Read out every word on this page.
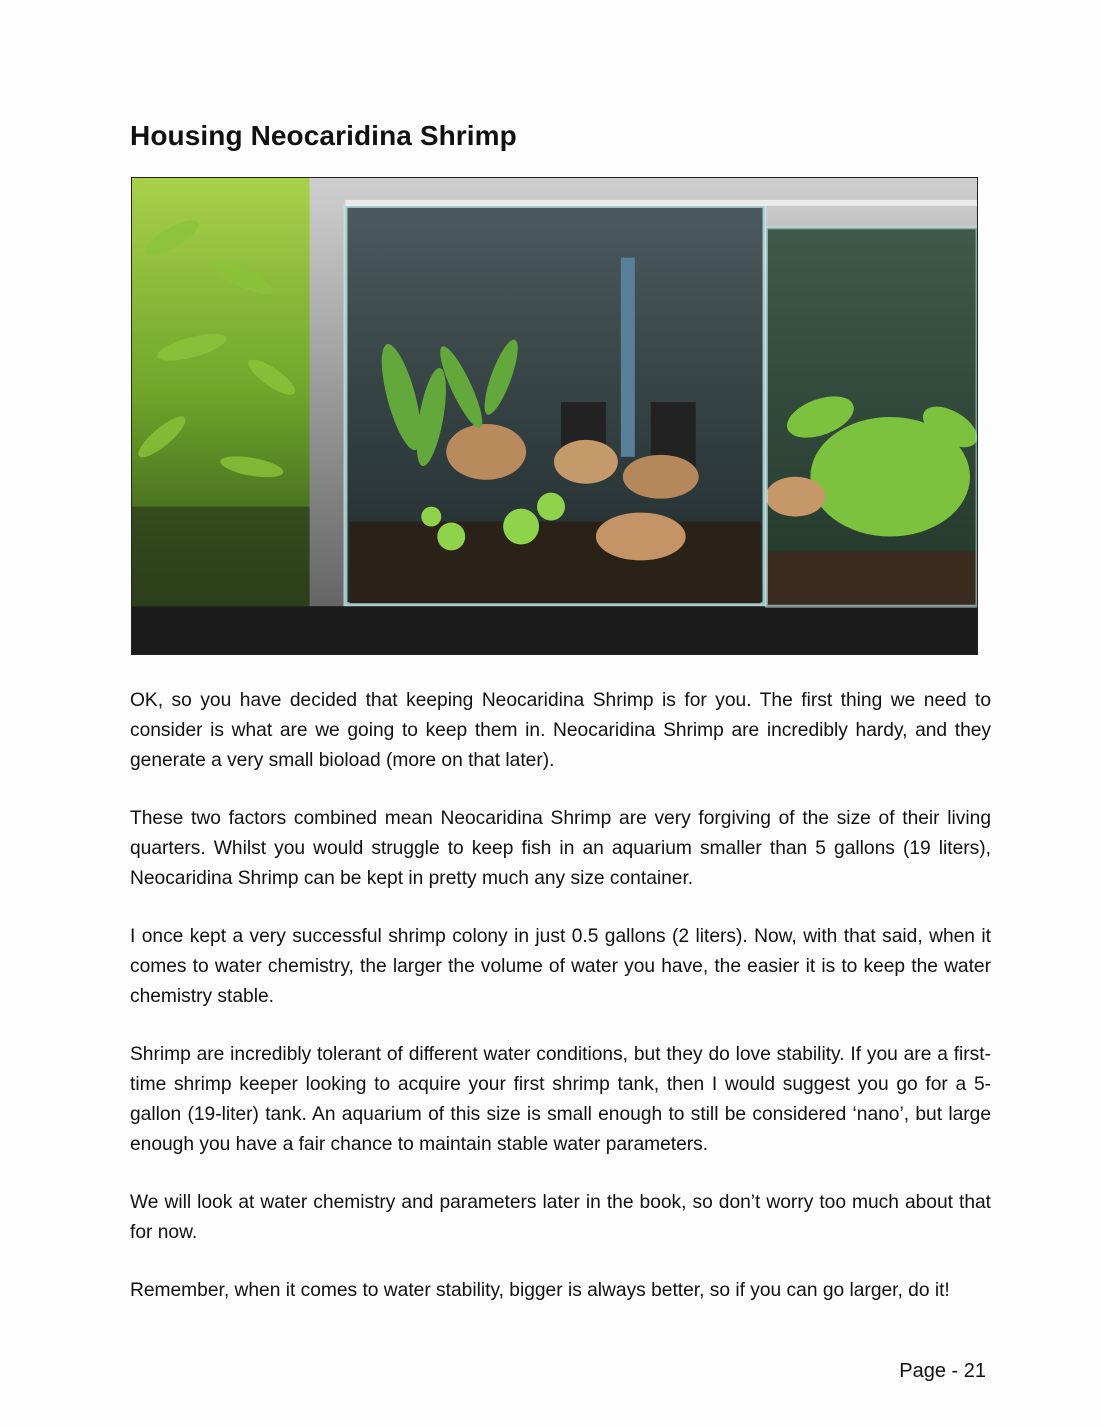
Housing Neocaridina Shrimp

OK, so you have decided that keeping Neocaridina Shrimp is for you. The first thing we need to consider is what are we going to keep them in. Neocaridina Shrimp are incredibly hardy, and they generate a very small bioload (more on that later).

These two factors combined mean Neocaridina Shrimp are very forgiving of the size of their living quarters. Whilst you would struggle to keep fish in an aquarium smaller than 5 gallons (19 liters), Neocaridina Shrimp can be kept in pretty much any size container.

I once kept a very successful shrimp colony in just 0.5 gallons (2 liters). Now, with that said, when it comes to water chemistry, the larger the volume of water you have, the easier it is to keep the water chemistry stable.

Shrimp are incredibly tolerant of different water conditions, but they do love stability. If you are a first-time shrimp keeper looking to acquire your first shrimp tank, then I would suggest you go for a 5-gallon (19-liter) tank. An aquarium of this size is small enough to still be considered ‘nano’, but large enough you have a fair chance to maintain stable water parameters.

We will look at water chemistry and parameters later in the book, so don’t worry too much about that for now.

Remember, when it comes to water stability, bigger is always better, so if you can go larger, do it!

Page - 21
